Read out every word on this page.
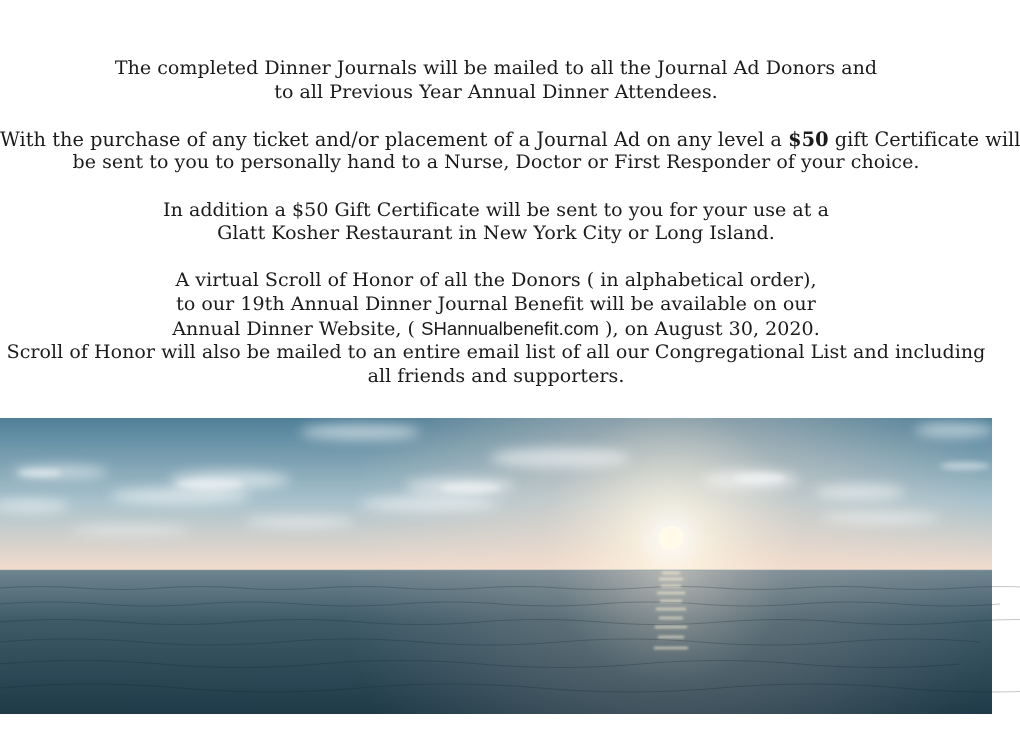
The completed Dinner Journals will be mailed to all the Journal Ad Donors and
to all Previous Year Annual Dinner Attendees.

With the purchase of any ticket and/or placement of a Journal Ad on any level a $50 gift Certificate will
be sent to you to personally hand to a Nurse, Doctor or First Responder of your choice.

In addition a $50 Gift Certificate will be sent to you for your use at a
Glatt Kosher Restaurant in New York City or Long Island.

A virtual Scroll of Honor of all the Donors ( in alphabetical order),
to our 19th Annual Dinner Journal Benefit will be available on our
Annual Dinner Website, ( SHannualbenefit.com ), on August 30, 2020.
Scroll of Honor will also be mailed to an entire email list of all our Congregational List and including
all friends and supporters.
